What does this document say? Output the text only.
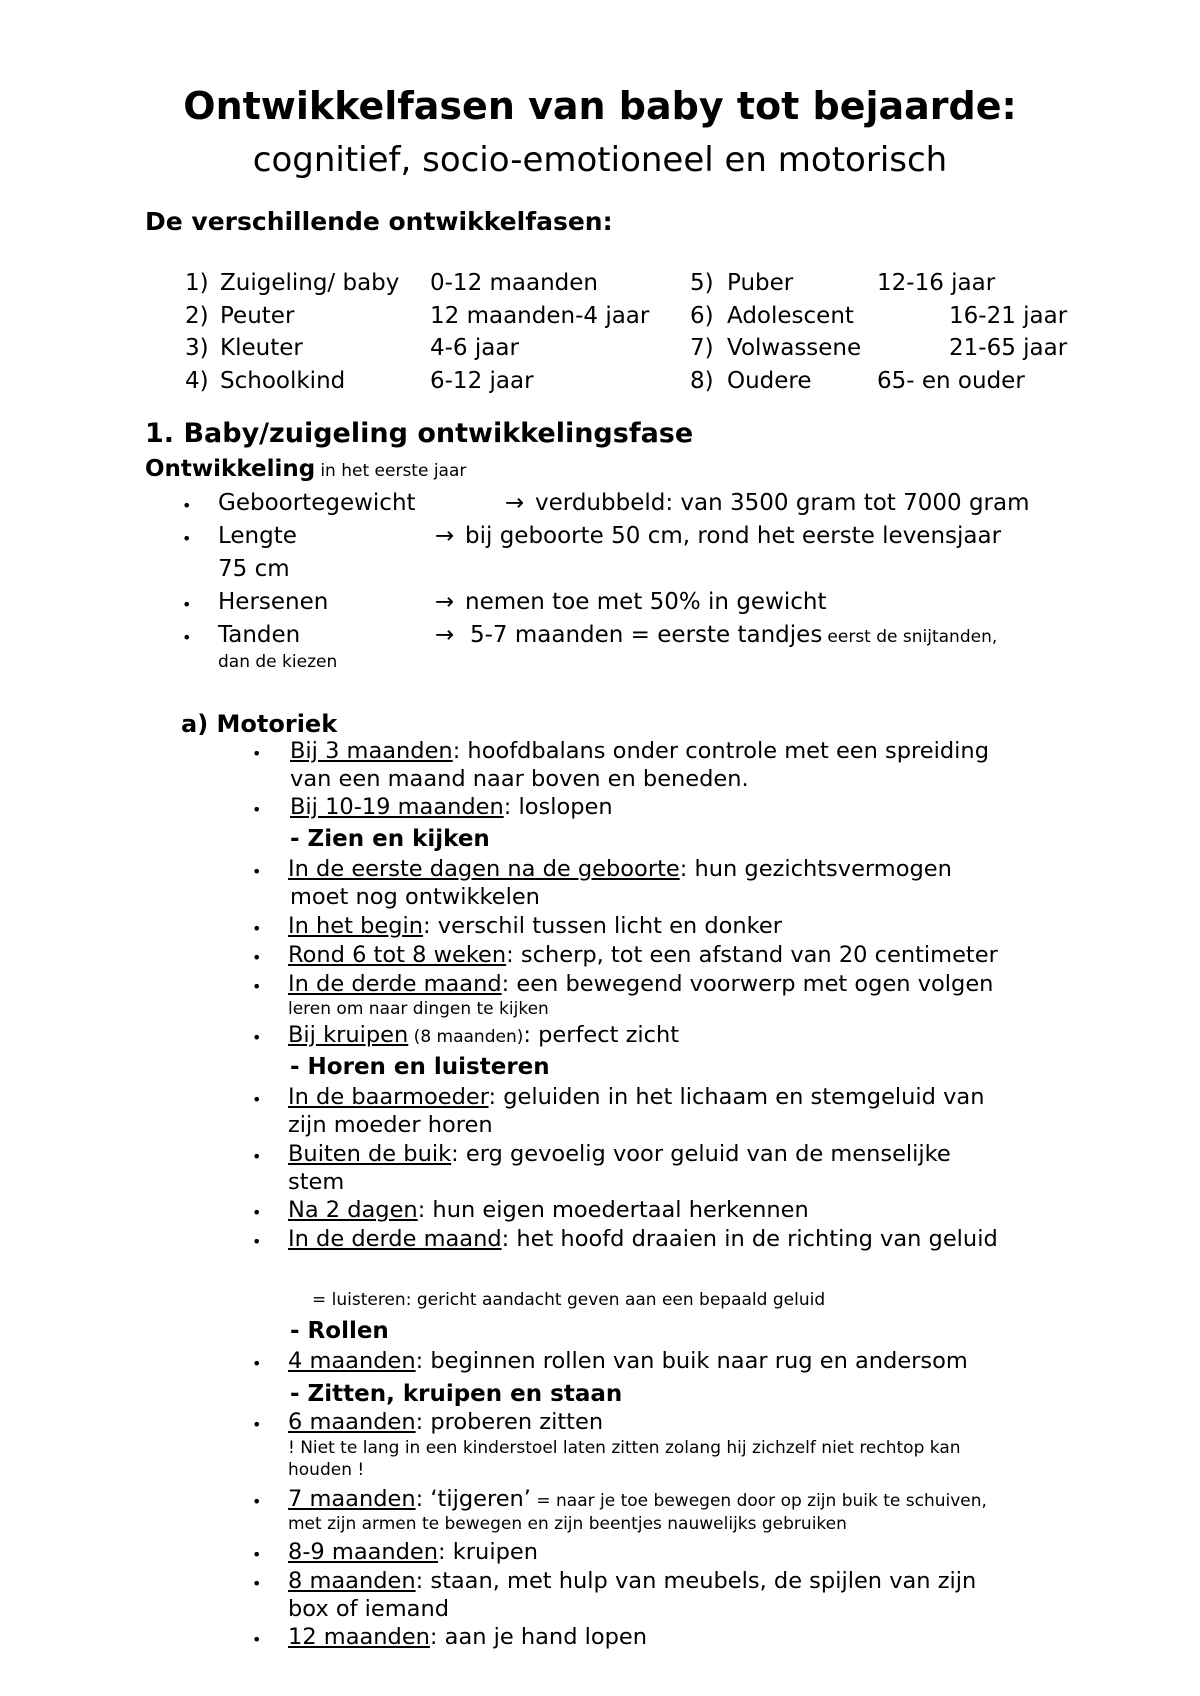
Ontwikkelfasen van baby tot bejaarde:
cognitief, socio-emotioneel en motorisch
De verschillende ontwikkelfasen:
1) Zuigeling/ baby 0-12 maanden
2) Peuter	12 maanden-4 jaar
3) Kleuter	4-6 jaar
4) Schoolkind	6-12 jaar
5) Puber	12-16 jaar
6) Adolescent	16-21 jaar
7) Volwassene	21-65 jaar
8) Oudere	65- en ouder
1. Baby/zuigeling ontwikkelingsfase
Ontwikkeling in het eerste jaar
• Geboortegewicht	→ verdubbeld: van 3500 gram tot 7000 gram
• Lengte	→ bij geboorte 50 cm, rond het eerste levensjaar
75 cm
• Hersenen	→ nemen toe met 50% in gewicht
• Tanden	→ 5-7 maanden = eerste tandjes eerst de snijtanden,
dan de kiezen
a) Motoriek
• Bij 3 maanden: hoofdbalans onder controle met een spreiding
van een maand naar boven en beneden.
• Bij 10-19 maanden: loslopen
- Zien en kijken
• In de eerste dagen na de geboorte: hun gezichtsvermogen
moet nog ontwikkelen
• In het begin: verschil tussen licht en donker
• Rond 6 tot 8 weken: scherp, tot een afstand van 20 centimeter
• In de derde maand: een bewegend voorwerp met ogen volgen
leren om naar dingen te kijken
• Bij kruipen (8 maanden): perfect zicht
- Horen en luisteren
• In de baarmoeder: geluiden in het lichaam en stemgeluid van
zijn moeder horen
• Buiten de buik: erg gevoelig voor geluid van de menselijke
stem
• Na 2 dagen: hun eigen moedertaal herkennen
• In de derde maand: het hoofd draaien in de richting van geluid
= luisteren: gericht aandacht geven aan een bepaald geluid
- Rollen
• 4 maanden: beginnen rollen van buik naar rug en andersom
- Zitten, kruipen en staan
• 6 maanden: proberen zitten
! Niet te lang in een kinderstoel laten zitten zolang hij zichzelf niet rechtop kan
houden !
• 7 maanden: ‘tijgeren’ = naar je toe bewegen door op zijn buik te schuiven,
met zijn armen te bewegen en zijn beentjes nauwelijks gebruiken
• 8-9 maanden: kruipen
• 8 maanden: staan, met hulp van meubels, de spijlen van zijn
box of iemand
• 12 maanden: aan je hand lopen
